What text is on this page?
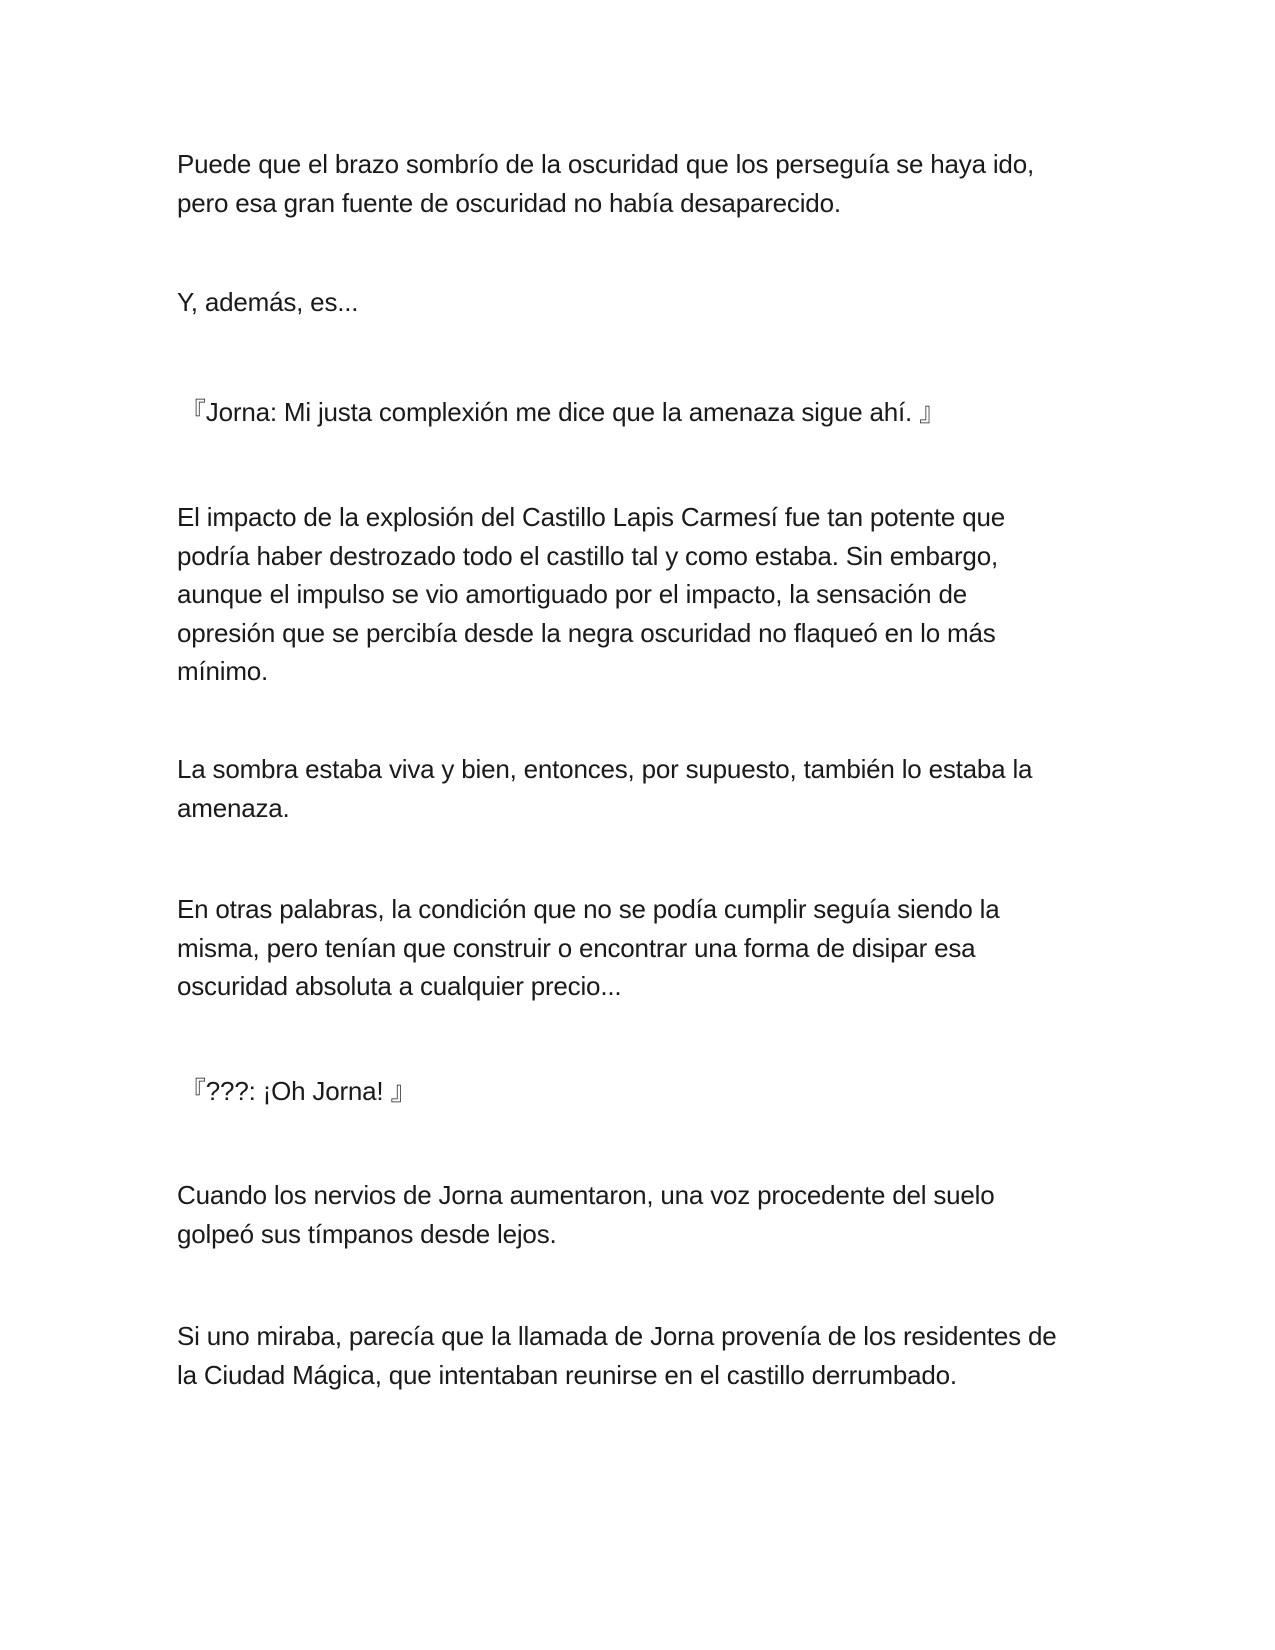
Puede que el brazo sombrío de la oscuridad que los perseguía se haya ido,
pero esa gran fuente de oscuridad no había desaparecido.

Y, además, es...

『Jorna: Mi justa complexión me dice que la amenaza sigue ahí. 』

El impacto de la explosión del Castillo Lapis Carmesí fue tan potente que
podría haber destrozado todo el castillo tal y como estaba. Sin embargo,
aunque el impulso se vio amortiguado por el impacto, la sensación de
opresión que se percibía desde la negra oscuridad no flaqueó en lo más
mínimo.

La sombra estaba viva y bien, entonces, por supuesto, también lo estaba la
amenaza.

En otras palabras, la condición que no se podía cumplir seguía siendo la
misma, pero tenían que construir o encontrar una forma de disipar esa
oscuridad absoluta a cualquier precio...

『???: ¡Oh Jorna! 』

Cuando los nervios de Jorna aumentaron, una voz procedente del suelo
golpeó sus tímpanos desde lejos.

Si uno miraba, parecía que la llamada de Jorna provenía de los residentes de
la Ciudad Mágica, que intentaban reunirse en el castillo derrumbado.
